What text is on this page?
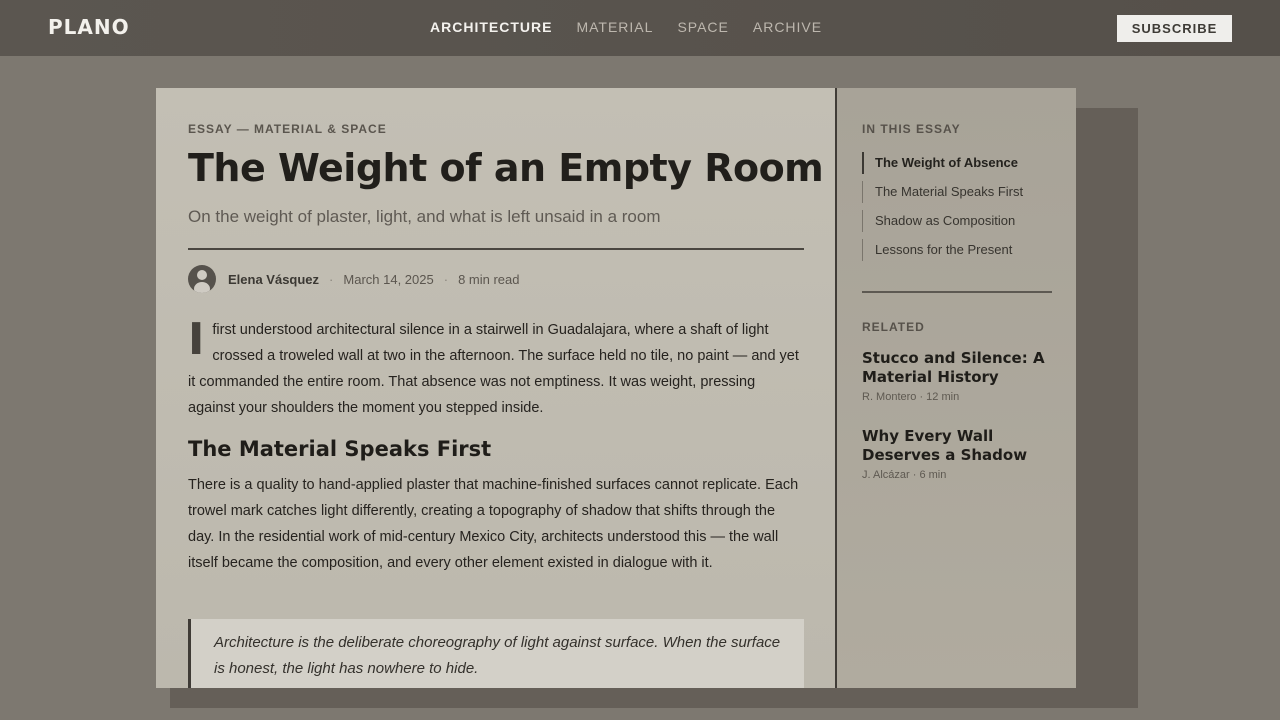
PLANO	ARCHITECTURE MATERIAL SPACE ARCHIVE	SUBSCRIBE
ESSAY — MATERIAL & SPACE
The Weight of an Empty Room
On the weight of plaster, light, and what is left unsaid in a room
Elena Vásquez · March 14, 2025 · 8 min read

Ifirst understood architectural silence in a stairwell in Guadalajara, where a shaft of light crossed a troweled wall at two in the afternoon. The surface held no tile, no paint — and yet it commanded the entire room. That absence was not emptiness. It was weight, pressing against your shoulders the moment you stepped inside.

The Material Speaks First

There is a quality to hand-applied plaster that machine-finished surfaces cannot replicate. Each trowel mark catches light differently, creating a topography of shadow that shifts through the day. In the residential work of mid-century Mexico City, architects understood this — the wall itself became the composition, and every other element existed in dialogue with it.

Architecture is the deliberate choreography of light against surface. When the surface is honest, the light has nowhere to hide.
IN THIS ESSAY
The Weight of Absence
The Material Speaks First
Shadow as Composition
Lessons for the Present
RELATED
Stucco and Silence: A Material History
R. Montero · 12 min
Why Every Wall Deserves a Shadow
J. Alcázar · 6 min
